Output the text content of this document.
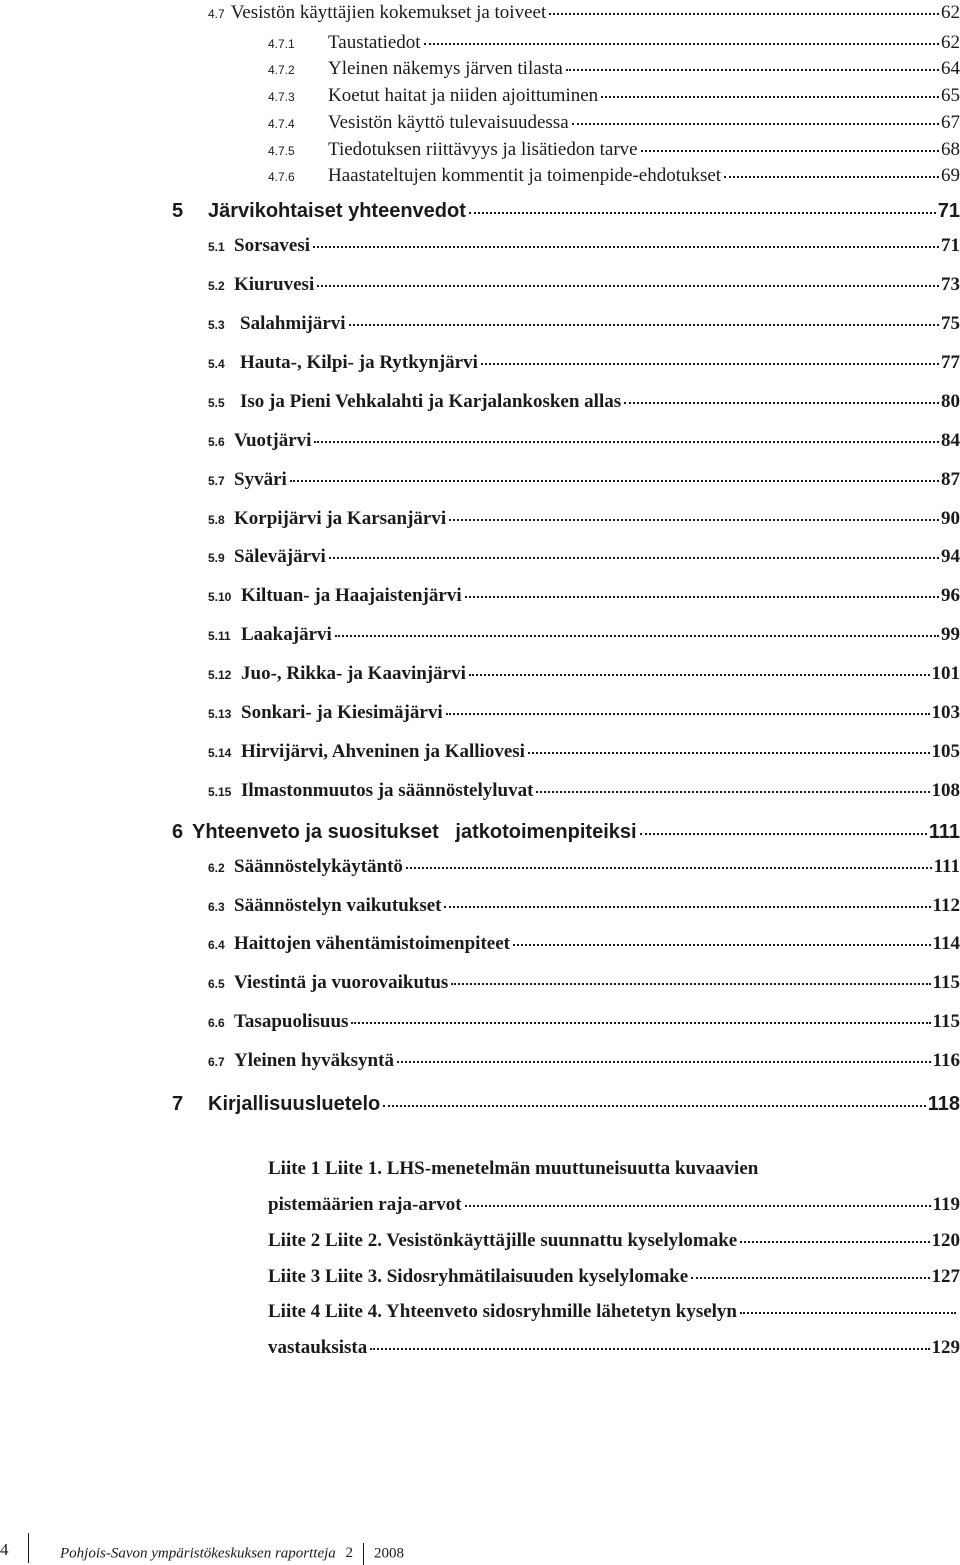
4.7 Vesistön käyttäjien kokemukset ja toiveet	62
4.7.1	Taustatiedot	62
4.7.2	Yleinen näkemys järven tilasta	64
4.7.3	Koetut haitat ja niiden ajoittuminen	65
4.7.4	Vesistön käyttö tulevaisuudessa	67
4.7.5	Tiedotuksen riittävyys ja lisätiedon tarve	68
4.7.6	Haastateltujen kommentit ja toimenpide-ehdotukset	69
5	Järvikohtaiset yhteenvedot	71
5.1 Sorsavesi	71
5.2 Kiuruvesi	73
5.3 Salahmijärvi	75
5.4 Hauta-, Kilpi- ja Rytkynjärvi	77
5.5 Iso ja Pieni Vehkalahti ja Karjalankosken allas	80
5.6 Vuotjärvi	84
5.7 Syväri	87
5.8 Korpijärvi ja Karsanjärvi	90
5.9 Säleväjärvi	94
5.10 Kiltuan- ja Haajaistenjärvi	96
5.11 Laakajärvi	99
5.12 Juo-, Rikka- ja Kaavinjärvi	101
5.13 Sonkari- ja Kiesimäjärvi	103
5.14 Hirvijärvi, Ahveninen ja Kalliovesi	105
5.15 Ilmastonmuutos ja säännöstelyluvat	108
6 Yhteenveto ja suositukset   jatkotoimenpiteiksi	111
6.2 Säännöstelykäytäntö	111
6.3 Säännöstelyn vaikutukset	112
6.4 Haittojen vähentämistoimenpiteet	114
6.5 Viestintä ja vuorovaikutus	115
6.6 Tasapuolisuus	115
6.7 Yleinen hyväksyntä	116
7	Kirjallisuusluetelo	118
Liite 1 Liite 1. LHS-menetelmän muuttuneisuutta kuvaavien
pistemäärien raja-arvot	119
Liite 2 Liite 2. Vesistönkäyttäjille suunnattu kyselylomake	120
Liite 3 Liite 3. Sidosryhmätilaisuuden kyselylomake	127
Liite 4 Liite 4. Yhteenveto sidosryhmille lähetetyn kyselyn
vastauksista	129
4	Pohjois-Savon ympäristökeskuksen raportteja 2 2008
